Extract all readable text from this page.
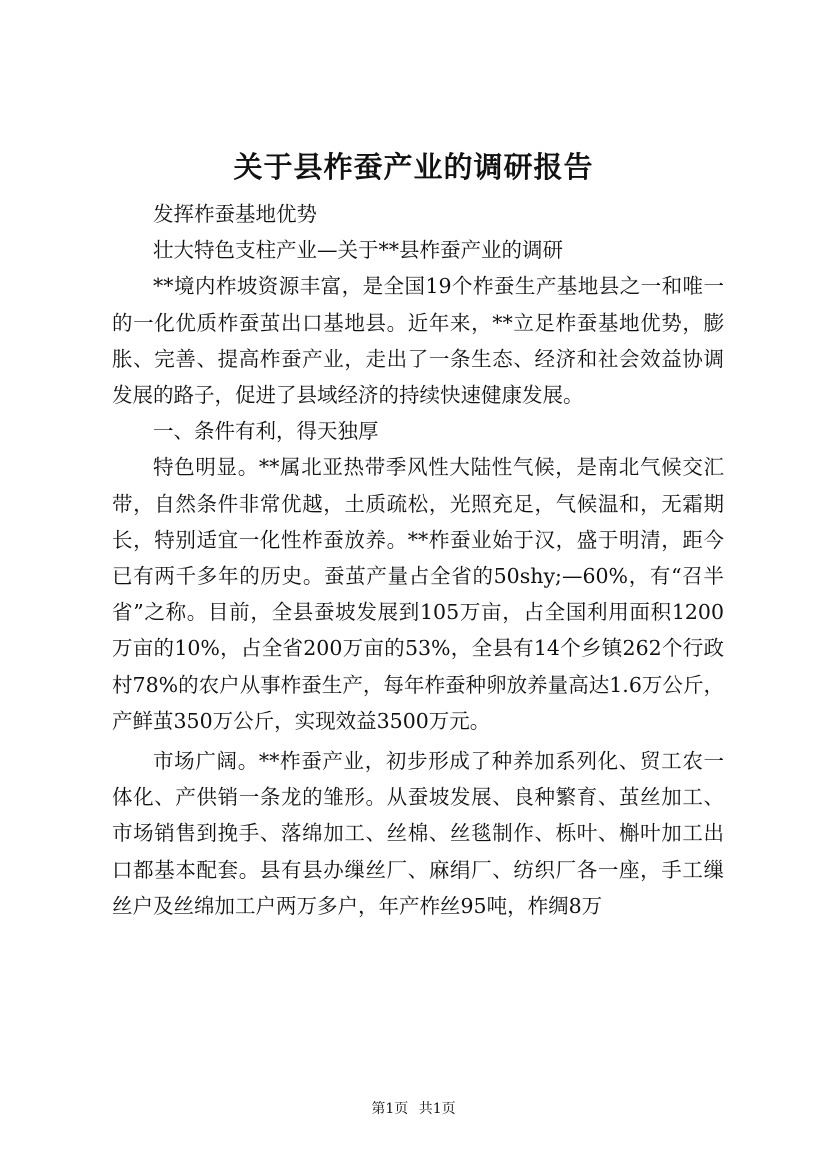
关于县柞蚕产业的调研报告

发挥柞蚕基地优势

壮大特色支柱产业—关于**县柞蚕产业的调研

**境内柞坡资源丰富，是全国19个柞蚕生产基地县之一和唯一的一化优质柞蚕茧出口基地县。近年来，**立足柞蚕基地优势，膨胀、完善、提高柞蚕产业，走出了一条生态、经济和社会效益协调发展的路子，促进了县域经济的持续快速健康发展。

一、条件有利，得天独厚

特色明显。**属北亚热带季风性大陆性气候，是南北气候交汇带，自然条件非常优越，土质疏松，光照充足，气候温和，无霜期长，特别适宜一化性柞蚕放养。**柞蚕业始于汉，盛于明清，距今已有两千多年的历史。蚕茧产量占全省的50shy;—60%，有“召半省”之称。目前，全县蚕坡发展到105万亩，占全国利用面积1200万亩的10%，占全省200万亩的53%，全县有14个乡镇262个行政村78%的农户从事柞蚕生产，每年柞蚕种卵放养量高达1.6万公斤，产鲜茧350万公斤，实现效益3500万元。

市场广阔。**柞蚕产业，初步形成了种养加系列化、贸工农一体化、产供销一条龙的雏形。从蚕坡发展、良种繁育、茧丝加工、市场销售到挽手、落绵加工、丝棉、丝毯制作、栎叶、槲叶加工出口都基本配套。县有县办缫丝厂、麻绢厂、纺织厂各一座，手工缫丝户及丝绵加工户两万多户，年产柞丝95吨，柞绸8万

第1页 共1页
